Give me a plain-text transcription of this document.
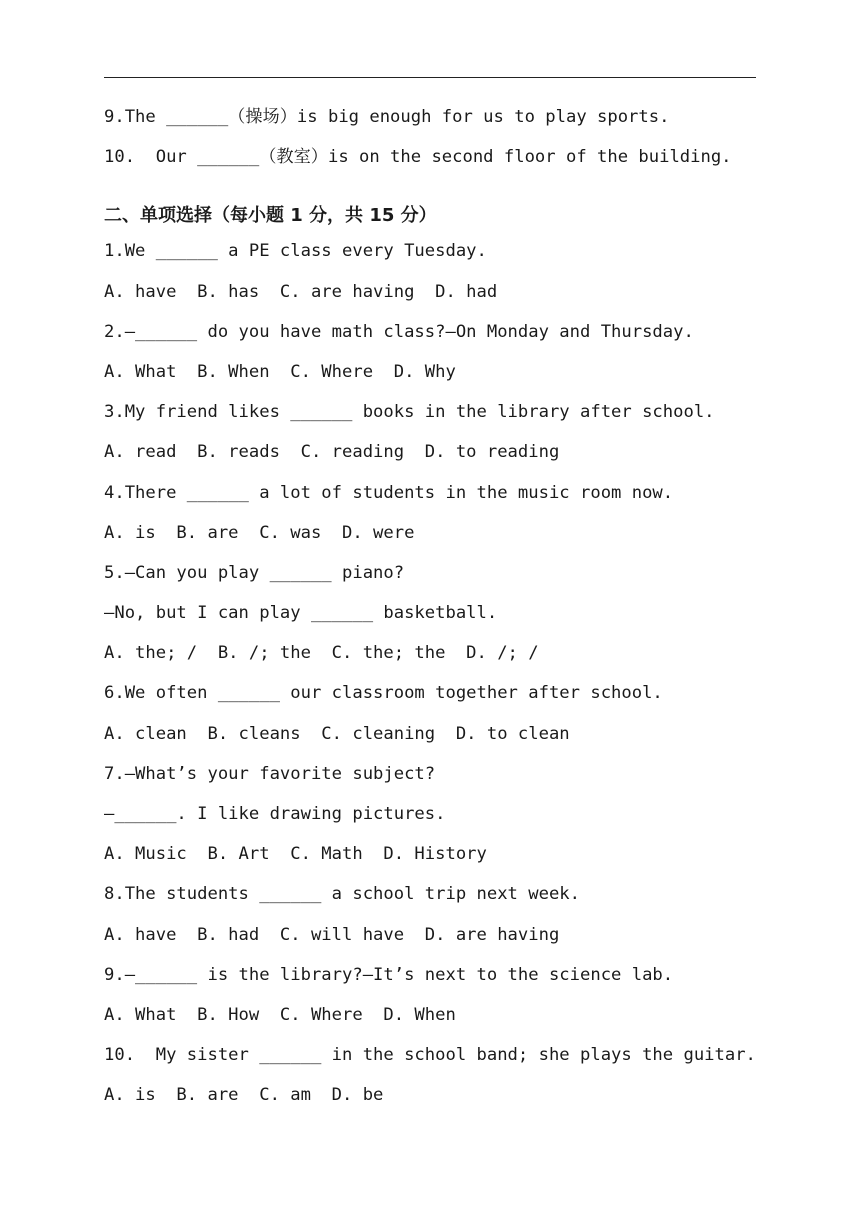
9.The ______（操场）is big enough for us to play sports.
10.  Our ______（教室）is on the second floor of the building.
二、单项选择（每小题 1 分，共 15 分）
1.We ______ a PE class every Tuesday.
A. have  B. has  C. are having  D. had
2.—______ do you have math class?—On Monday and Thursday.
A. What  B. When  C. Where  D. Why
3.My friend likes ______ books in the library after school.
A. read  B. reads  C. reading  D. to reading
4.There ______ a lot of students in the music room now.
A. is  B. are  C. was  D. were
5.—Can you play ______ piano?
—No, but I can play ______ basketball.
A. the; /  B. /; the  C. the; the  D. /; /
6.We often ______ our classroom together after school.
A. clean  B. cleans  C. cleaning  D. to clean
7.—What’s your favorite subject?
—______. I like drawing pictures.
A. Music  B. Art  C. Math  D. History
8.The students ______ a school trip next week.
A. have  B. had  C. will have  D. are having
9.—______ is the library?—It’s next to the science lab.
A. What  B. How  C. Where  D. When
10.  My sister ______ in the school band; she plays the guitar.
A. is  B. are  C. am  D. be
